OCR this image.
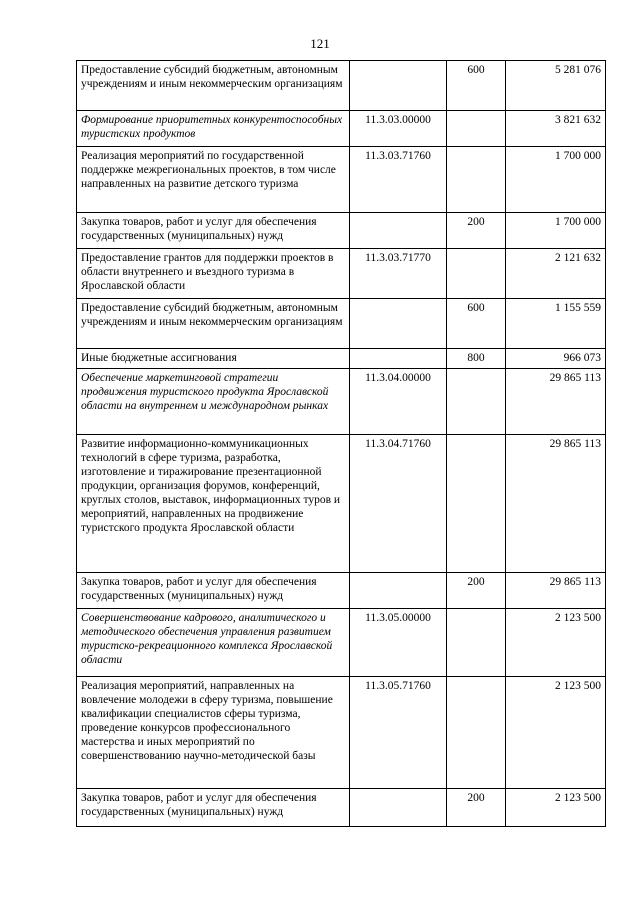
121
Предоставление субсидий бюджетным, автономным учреждениям и иным некоммерческим организациям		600	5 281 076
Формирование приоритетных конкурентоспособных туристских продуктов	11.3.03.00000		3 821 632
Реализация мероприятий по государственной поддержке межрегиональных проектов, в том числе направленных на развитие детского туризма	11.3.03.71760		1 700 000
Закупка товаров, работ и услуг для обеспечения государственных (муниципальных) нужд		200	1 700 000
Предоставление грантов для поддержки проектов в области внутреннего и въездного туризма в Ярославской области	11.3.03.71770		2 121 632
Предоставление субсидий бюджетным, автономным учреждениям и иным некоммерческим организациям		600	1 155 559
Иные бюджетные ассигнования		800	966 073
Обеспечение маркетинговой стратегии продвижения туристского продукта Ярославской области на внутреннем и международном рынках	11.3.04.00000		29 865 113
Развитие информационно-коммуникационных технологий в сфере туризма, разработка, изготовление и тиражирование презентационной продукции, организация форумов, конференций, круглых столов, выставок, информационных туров и мероприятий, направленных на продвижение туристского продукта Ярославской области	11.3.04.71760		29 865 113
Закупка товаров, работ и услуг для обеспечения государственных (муниципальных) нужд		200	29 865 113
Совершенствование кадрового, аналитического и методического обеспечения управления развитием туристско-рекреационного комплекса Ярославской области	11.3.05.00000		2 123 500
Реализация мероприятий, направленных на вовлечение молодежи в сферу туризма, повышение квалификации специалистов сферы туризма, проведение конкурсов профессионального мастерства и иных мероприятий по совершенствованию научно-методической базы	11.3.05.71760		2 123 500
Закупка товаров, работ и услуг для обеспечения государственных (муниципальных) нужд		200	2 123 500
